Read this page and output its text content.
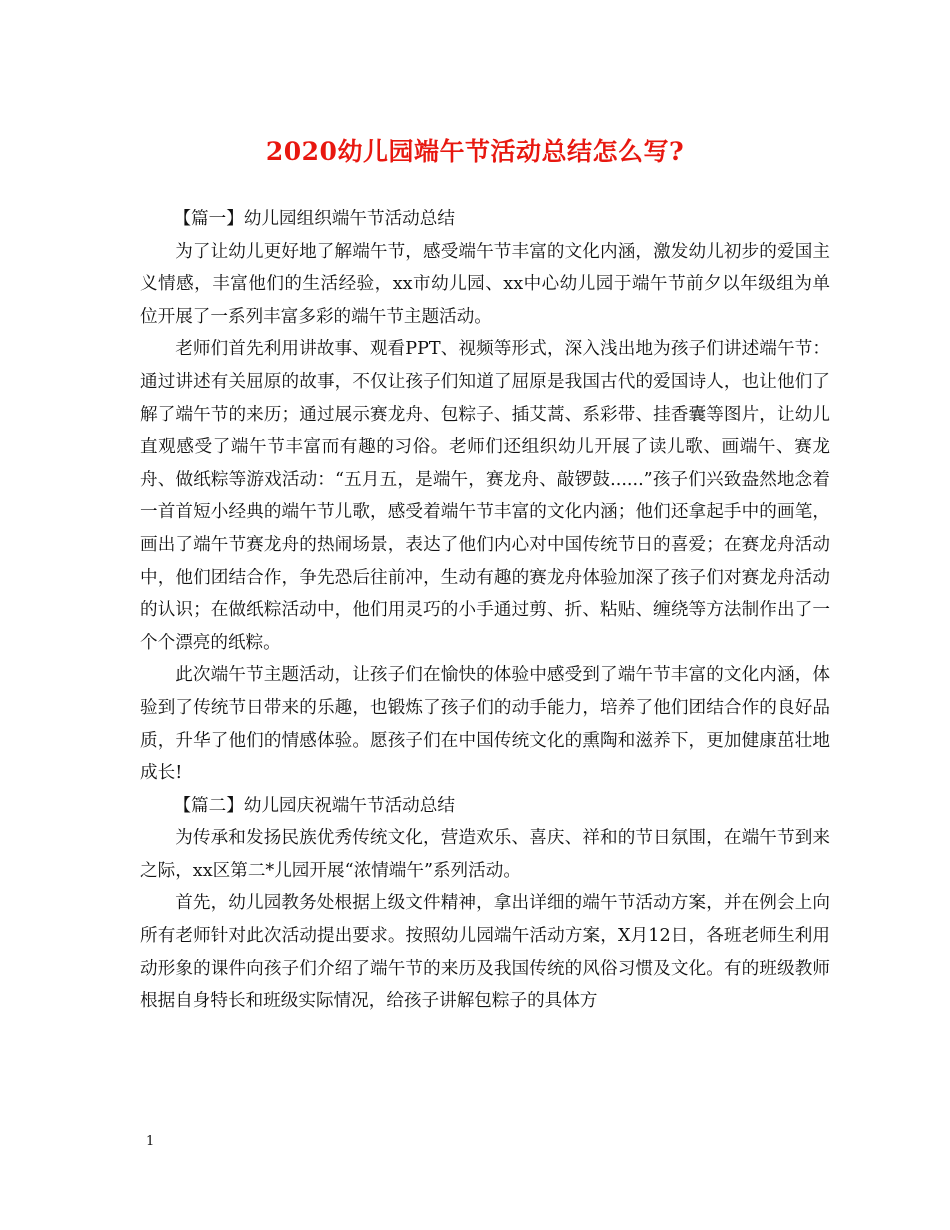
2020幼儿园端午节活动总结怎么写?

【篇一】幼儿园组织端午节活动总结

为了让幼儿更好地了解端午节，感受端午节丰富的文化内涵，激发幼儿初步的爱国主义情感，丰富他们的生活经验，xx市幼儿园、xx中心幼儿园于端午节前夕以年级组为单位开展了一系列丰富多彩的端午节主题活动。

老师们首先利用讲故事、观看PPT、视频等形式，深入浅出地为孩子们讲述端午节：通过讲述有关屈原的故事，不仅让孩子们知道了屈原是我国古代的爱国诗人，也让他们了解了端午节的来历；通过展示赛龙舟、包粽子、插艾蒿、系彩带、挂香囊等图片，让幼儿直观感受了端午节丰富而有趣的习俗。老师们还组织幼儿开展了读儿歌、画端午、赛龙舟、做纸粽等游戏活动：“五月五，是端午，赛龙舟、敲锣鼓......”孩子们兴致盎然地念着一首首短小经典的端午节儿歌，感受着端午节丰富的文化内涵；他们还拿起手中的画笔，画出了端午节赛龙舟的热闹场景，表达了他们内心对中国传统节日的喜爱；在赛龙舟活动中，他们团结合作，争先恐后往前冲，生动有趣的赛龙舟体验加深了孩子们对赛龙舟活动的认识；在做纸粽活动中，他们用灵巧的小手通过剪、折、粘贴、缠绕等方法制作出了一个个漂亮的纸粽。

此次端午节主题活动，让孩子们在愉快的体验中感受到了端午节丰富的文化内涵，体验到了传统节日带来的乐趣，也锻炼了孩子们的动手能力，培养了他们团结合作的良好品质，升华了他们的情感体验。愿孩子们在中国传统文化的熏陶和滋养下，更加健康茁壮地成长!

【篇二】幼儿园庆祝端午节活动总结

为传承和发扬民族优秀传统文化，营造欢乐、喜庆、祥和的节日氛围，在端午节到来之际，xx区第二*儿园开展“浓情端午”系列活动。

首先，幼儿园教务处根据上级文件精神，拿出详细的端午节活动方案，并在例会上向所有老师针对此次活动提出要求。按照幼儿园端午活动方案，X月12日，各班老师生利用动形象的课件向孩子们介绍了端午节的来历及我国传统的风俗习惯及文化。有的班级教师根据自身特长和班级实际情况，给孩子讲解包粽子的具体方

1
